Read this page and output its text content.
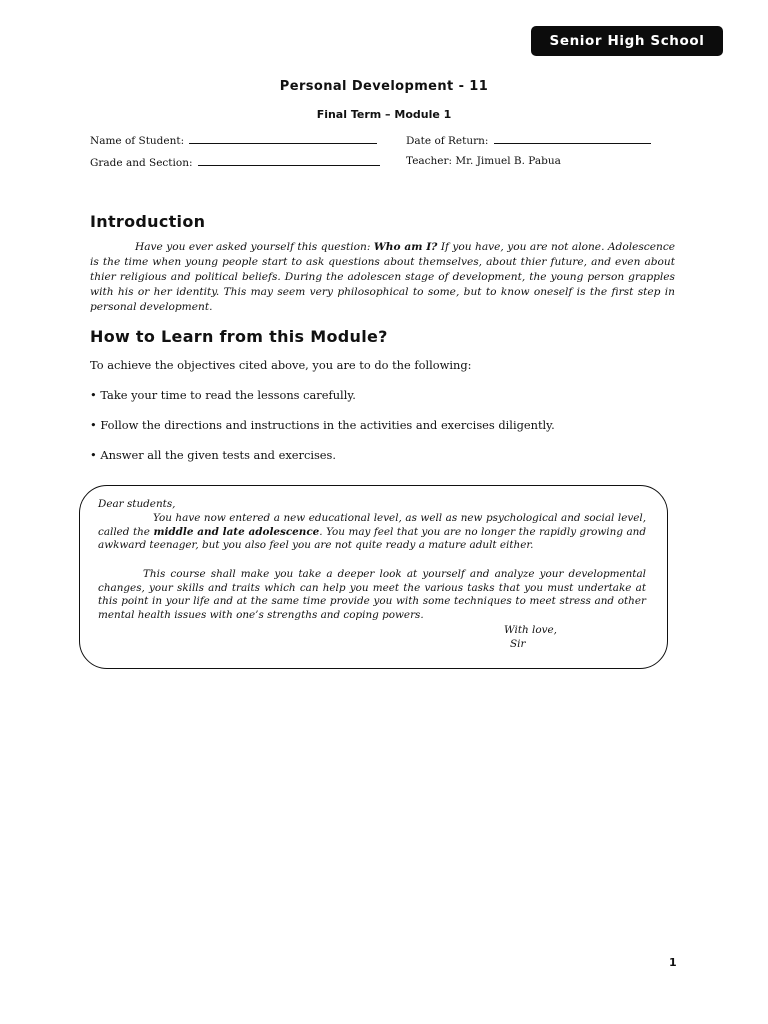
Senior High School
Personal Development - 11
Final Term – Module 1
Name of Student:	Date of Return:
Grade and Section:	Teacher: Mr. Jimuel B. Pabua
Introduction
Have you ever asked yourself this question: Who am I? If you have, you are not alone. Adolescence is the time when young people start to ask questions about themselves, about thier future, and even about thier religious and political beliefs. During the adolescen stage of development, the young person grapples with his or her identity. This may seem very philosophical to some, but to know oneself is the first step in personal development.
How to Learn from this Module?
To achieve the objectives cited above, you are to do the following:
• Take your time to read the lessons carefully.
• Follow the directions and instructions in the activities and exercises diligently.
• Answer all the given tests and exercises.
Dear students,
You have now entered a new educational level, as well as new psychological and social level, called the middle and late adolescence. You may feel that you are no longer the rapidly growing and awkward teenager, but you also feel you are not quite ready a mature adult either.
This course shall make you take a deeper look at yourself and analyze your developmental changes, your skills and traits which can help you meet the various tasks that you must undertake at this point in your life and at the same time provide you with some techniques to meet stress and other mental health issues with one’s strengths and coping powers.
With love,
Sir
1
